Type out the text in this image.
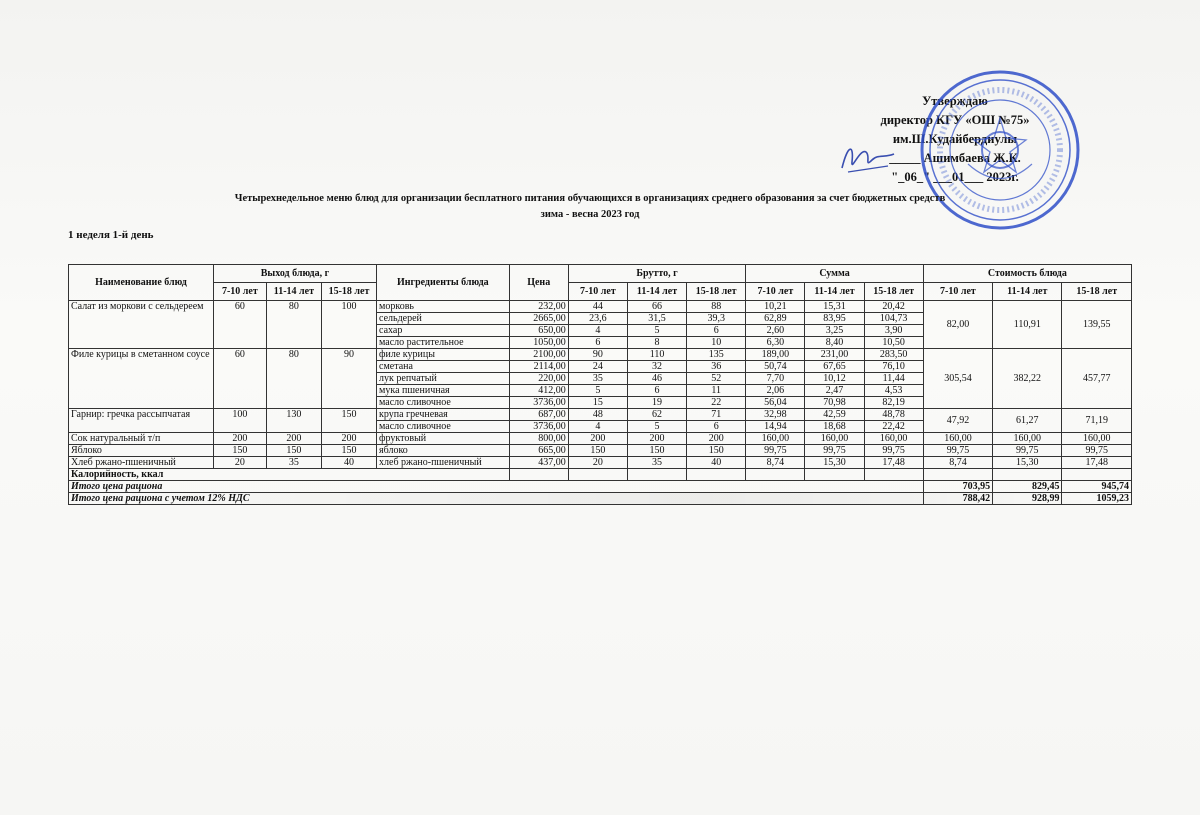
Утверждаю
директор КГУ «ОШ №75»
им.Ш.Кудайбердиулы
_____ Ашимбаева Ж.К.
"_06_" ___01___ 2023г.
Четырехнедельное меню блюд для организации бесплатного питания обучающихся в организациях среднего образования за счет бюджетных средств
зима - весна 2023 год
1 неделя 1-й день
Наименование блюд	Выход блюда, г			Ингредиенты блюда	Цена	Брутто, г			Сумма			Стоимость блюда		
	7-10 лет	11-14 лет	15-18 лет			7-10 лет	11-14 лет	15-18 лет	7-10 лет	11-14 лет	15-18 лет	7-10 лет	11-14 лет	15-18 лет
Салат из моркови с сельдереем	60	80	100	морковь	232,00	44	66	88	10,21	15,31	20,42	82,00	110,91	139,55
				сельдерей	2665,00	23,6	31,5	39,3	62,89	83,95	104,73			
				сахар	650,00	4	5	6	2,60	3,25	3,90			
				масло растительное	1050,00	6	8	10	6,30	8,40	10,50			
Филе курицы в сметанном соусе	60	80	90	филе курицы	2100,00	90	110	135	189,00	231,00	283,50	305,54	382,22	457,77
				сметана	2114,00	24	32	36	50,74	67,65	76,10			
				лук репчатый	220,00	35	46	52	7,70	10,12	11,44			
				мука пшеничная	412,00	5	6	11	2,06	2,47	4,53			
				масло сливочное	3736,00	15	19	22	56,04	70,98	82,19			
Гарнир: гречка рассыпчатая	100	130	150	крупа гречневая	687,00	48	62	71	32,98	42,59	48,78	47,92	61,27	71,19
				масло сливочное	3736,00	4	5	6	14,94	18,68	22,42			
Сок натуральный т/п	200	200	200	фруктовый	800,00	200	200	200	160,00	160,00	160,00	160,00	160,00	160,00
Яблоко	150	150	150	яблоко	665,00	150	150	150	99,75	99,75	99,75	99,75	99,75	99,75
Хлеб ржано-пшеничный	20	35	40	хлеб ржано-пшеничный	437,00	20	35	40	8,74	15,30	17,48	8,74	15,30	17,48
Калорийность, ккал														
Итого цена рациона												703,95	829,45	945,74
Итого цена рациона с учетом 12% НДС												788,42	928,99	1059,23
